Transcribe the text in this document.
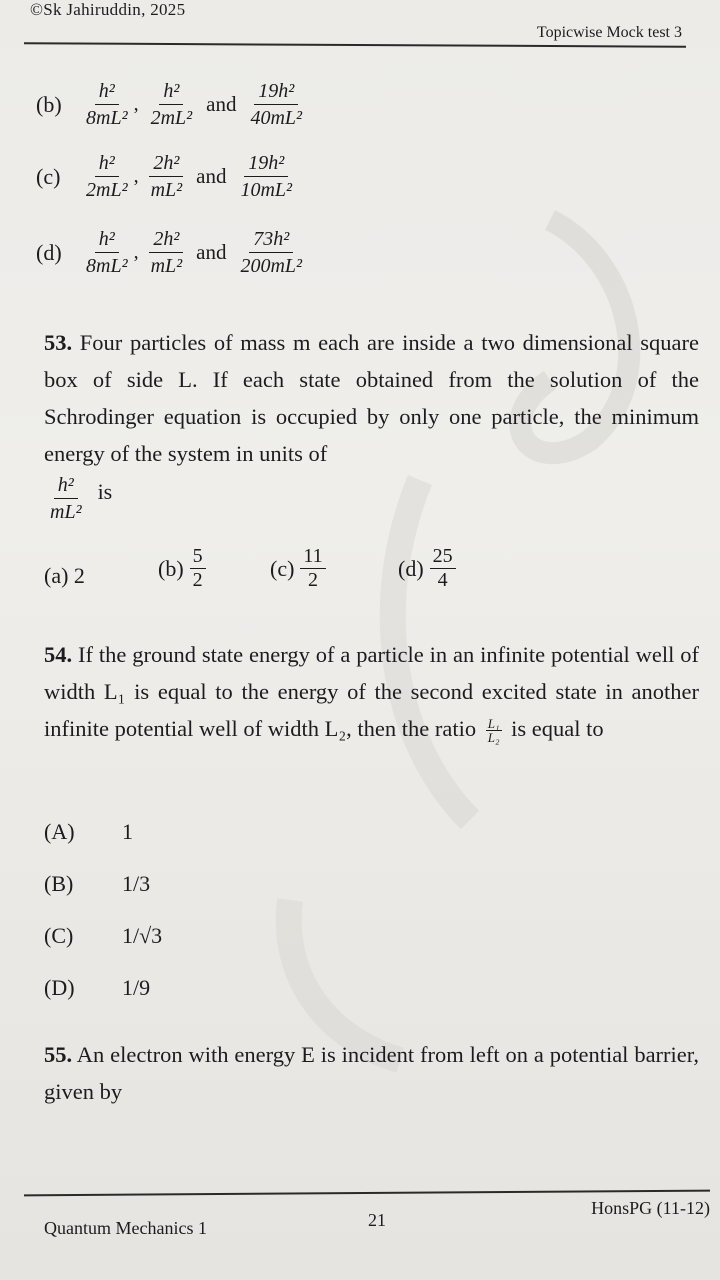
©Sk Jahiruddin, 2025
Topicwise Mock test 3
(b)	$\frac{\text{h²}}{\text{8mL²}}$ , $\frac{\text{h²}}{\text{2mL²}}$ and $\frac{\text{19h²}}{\text{40mL²}}$
(c)	$\frac{\text{h²}}{\text{2mL²}}$ , $\frac{\text{2h²}}{\text{mL²}}$ and $\frac{\text{19h²}}{\text{10mL²}}$
(d)	$\frac{\text{h²}}{\text{8mL²}}$ , $\frac{\text{2h²}}{\text{mL²}}$ and $\frac{\text{73h²}}{\text{200mL²}}$
53. Four particles of mass m each are inside a two dimensional square box of side L. If each state obtained from the solution of the Schrodinger equation is occupied by only one particle, the minimum energy of the system in units of
$\frac{\text{h²}}{\text{mL²}}$ is
(a)
2	$(b) \frac{5}{2}$	$(c) \frac{11}{2}$	$(d) \frac{25}{4}$
54. If the ground state energy of a particle in an infinite potential well of width L₁ is equal to the energy of the second excited state in another infinite potential well of width L₂, then the ratio $\frac{\text{L₁}}{\text{L₂}}$ is equal to
(A)	1
(B)	1/3
(C)	1/√3
(D)	1/9
55. An electron with energy E is incident from left on a potential barrier, given by
Quantum Mechanics 1	21
HonsPG (11-12)
